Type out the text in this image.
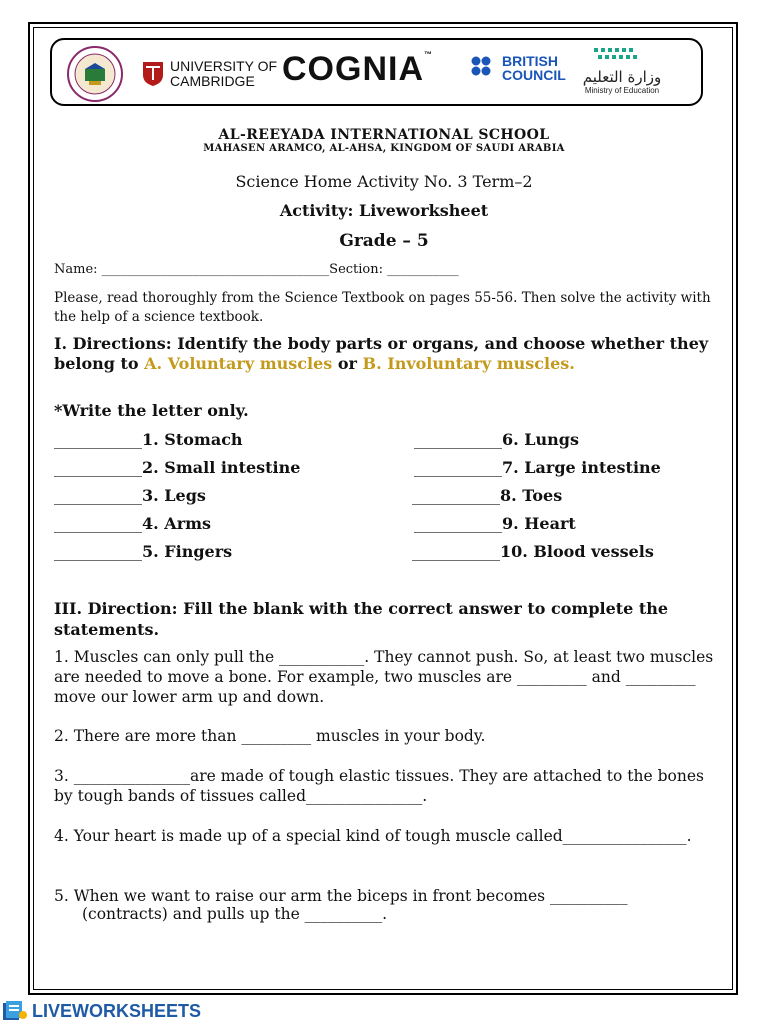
UNIVERSITY OF
CAMBRIDGE COGNIA™	BRITISH
COUNCIL	وزارة التعليم
Ministry of Education
AL-REEYADA INTERNATIONAL SCHOOL
MAHASEN ARAMCO, AL-AHSA, KINGDOM OF SAUDI ARABIA
Science Home Activity No. 3 Term–2
Activity: Liveworksheet
Grade – 5
Name: ___________________________________Section: ___________
Please, read thoroughly from the Science Textbook on pages 55-56. Then solve the activity with the help of a science textbook.
I. Directions: Identify the body parts or organs, and choose whether they belong to A. Voluntary muscles or B. Involuntary muscles.
*Write the letter only.
___________1. Stomach
___________2. Small intestine
___________3. Legs
___________4. Arms
___________5. Fingers
___________6. Lungs
___________7. Large intestine
___________8. Toes
___________9. Heart
___________10. Blood vessels
III. Direction: Fill the blank with the correct answer to complete the statements.
1. Muscles can only pull the ___________. They cannot push. So, at least two muscles are needed to move a bone. For example, two muscles are _________ and _________ move our lower arm up and down.
2. There are more than _________ muscles in your body.
3. _______________are made of tough elastic tissues. They are attached to the bones by tough bands of tissues called_______________.
4. Your heart is made up of a special kind of tough muscle called________________.
5. When we want to raise our arm the biceps in front becomes __________
(contracts) and pulls up the __________.
LIVEWORKSHEETS
